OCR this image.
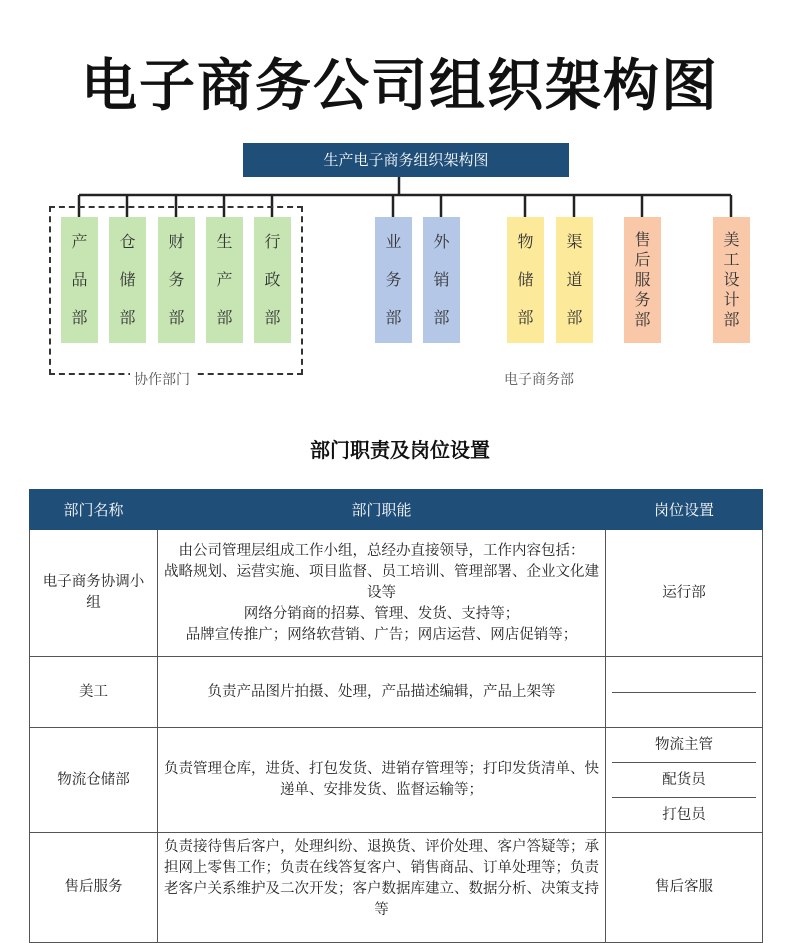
电子商务公司组织架构图
生产电子商务组织架构图
产
品
部
仓
储
部
财
务
部
生
产
部
行
政
部
业
务
部
外
销
部
物
储
部
渠
道
部
售
后
服
务
部
美
工
设
计
部
协作部门	电子商务部
部门职责及岗位设置
部门名称	部门职能	岗位设置
电子商务协调小组	由公司管理层组成工作小组，总经办直接领导，工作内容包括：
战略规划、运营实施、项目监督、员工培训、管理部署、企业文化建设等
网络分销商的招募、管理、发货、支持等；
品牌宣传推广；网络软营销、广告；网店运营、网店促销等；	运行部
美工	负责产品图片拍摄、处理，产品描述编辑，产品上架等	

物流仓储部	负责管理仓库，进货、打包发货、进销存管理等；打印发货清单、快递单、安排发货、监督运输等；	物流主管
配货员
打包员

售后服务	负责接待售后客户，处理纠纷、退换货、评价处理、客户答疑等；承担网上零售工作；负责在线答复客户、销售商品、订单处理等；负责老客户关系维护及二次开发；客户数据库建立、数据分析、决策支持等	售后客服
